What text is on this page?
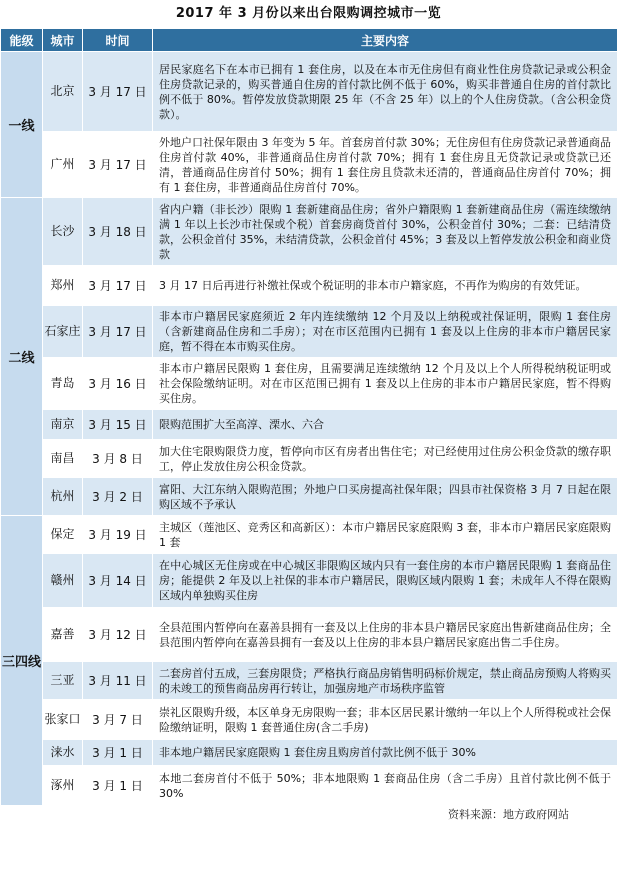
2017 年 3 月份以来出台限购调控城市一览
能级	城市	时间	主要内容
一线	北京	3 月 17 日	居民家庭名下在本市已拥有 1 套住房，以及在本市无住房但有商业性住房贷款记录或公积金住房贷款记录的，购买普通自住房的首付款比例不低于 60%，购买非普通自住房的首付款比例不低于 80%。暂停发放贷款期限 25 年（不含 25 年）以上的个人住房贷款。（含公积金贷款）。
	广州	3 月 17 日	外地户口社保年限由 3 年变为 5 年。首套房首付款 30%；无住房但有住房贷款记录普通商品住房首付款 40%，非普通商品住房首付款 70%；拥有 1 套住房且无贷款记录或贷款已还清，普通商品住房首付 50%；拥有 1 套住房且贷款未还清的，普通商品住房首付 70%；拥有 1 套住房，非普通商品住房首付 70%。
二线	长沙	3 月 18 日	省内户籍（非长沙）限购 1 套新建商品住房；省外户籍限购 1 套新建商品住房（需连续缴纳满 1 年以上长沙市社保或个税）首套房商贷首付 30%，公积金首付 30%；二套：已结清贷款，公积金首付 35%，未结清贷款，公积金首付 45%；3 套及以上暂停发放公积金和商业贷款
	郑州	3 月 17 日	3 月 17 日后再进行补缴社保或个税证明的非本市户籍家庭，不再作为购房的有效凭证。
	石家庄	3 月 17 日	非本市户籍居民家庭须近 2 年内连续缴纳 12 个月及以上纳税或社保证明，限购 1 套住房（含新建商品住房和二手房）；对在市区范围内已拥有 1 套及以上住房的非本市户籍居民家庭，暂不得在本市购买住房。
	青岛	3 月 16 日	非本市户籍居民限购 1 套住房，且需要满足连续缴纳 12 个月及以上个人所得税纳税证明或社会保险缴纳证明。对在市区范围已拥有 1 套及以上住房的非本市户籍居民家庭，暂不得购买住房。
	南京	3 月 15 日	限购范围扩大至高淳、溧水、六合
	南昌	3 月 8 日	加大住宅限购限贷力度，暂停向市区有房者出售住宅；对已经使用过住房公积金贷款的缴存职工，停止发放住房公积金贷款。
	杭州	3 月 2 日	富阳、大江东纳入限购范围；外地户口买房提高社保年限；四县市社保资格 3 月 7 日起在限购区域不予承认
三四线	保定	3 月 19 日	主城区（莲池区、竞秀区和高新区）：本市户籍居民家庭限购 3 套，非本市户籍居民家庭限购 1 套
	赣州	3 月 14 日	在中心城区无住房或在中心城区非限购区域内只有一套住房的本市户籍居民限购 1 套商品住房；能提供 2 年及以上社保的非本市户籍居民，限购区域内限购 1 套；未成年人不得在限购区域内单独购买住房
	嘉善	3 月 12 日	全县范围内暂停向在嘉善县拥有一套及以上住房的非本县户籍居民家庭出售新建商品住房；全县范围内暂停向在嘉善县拥有一套及以上住房的非本县户籍居民家庭出售二手住房。
	三亚	3 月 11 日	二套房首付五成，三套房限贷；严格执行商品房销售明码标价规定，禁止商品房预购人将购买的未竣工的预售商品房再行转让，加强房地产市场秩序监管
	张家口	3 月 7 日	崇礼区限购升级，本区单身无房限购一套；非本区居民累计缴纳一年以上个人所得税或社会保险缴纳证明，限购 1 套普通住房(含二手房)
	涞水	3 月 1 日	非本地户籍居民家庭限购 1 套住房且购房首付款比例不低于 30%
	涿州	3 月 1 日	本地二套房首付不低于 50%；非本地限购 1 套商品住房（含二手房）且首付款比例不低于 30%
资料来源：地方政府网站
